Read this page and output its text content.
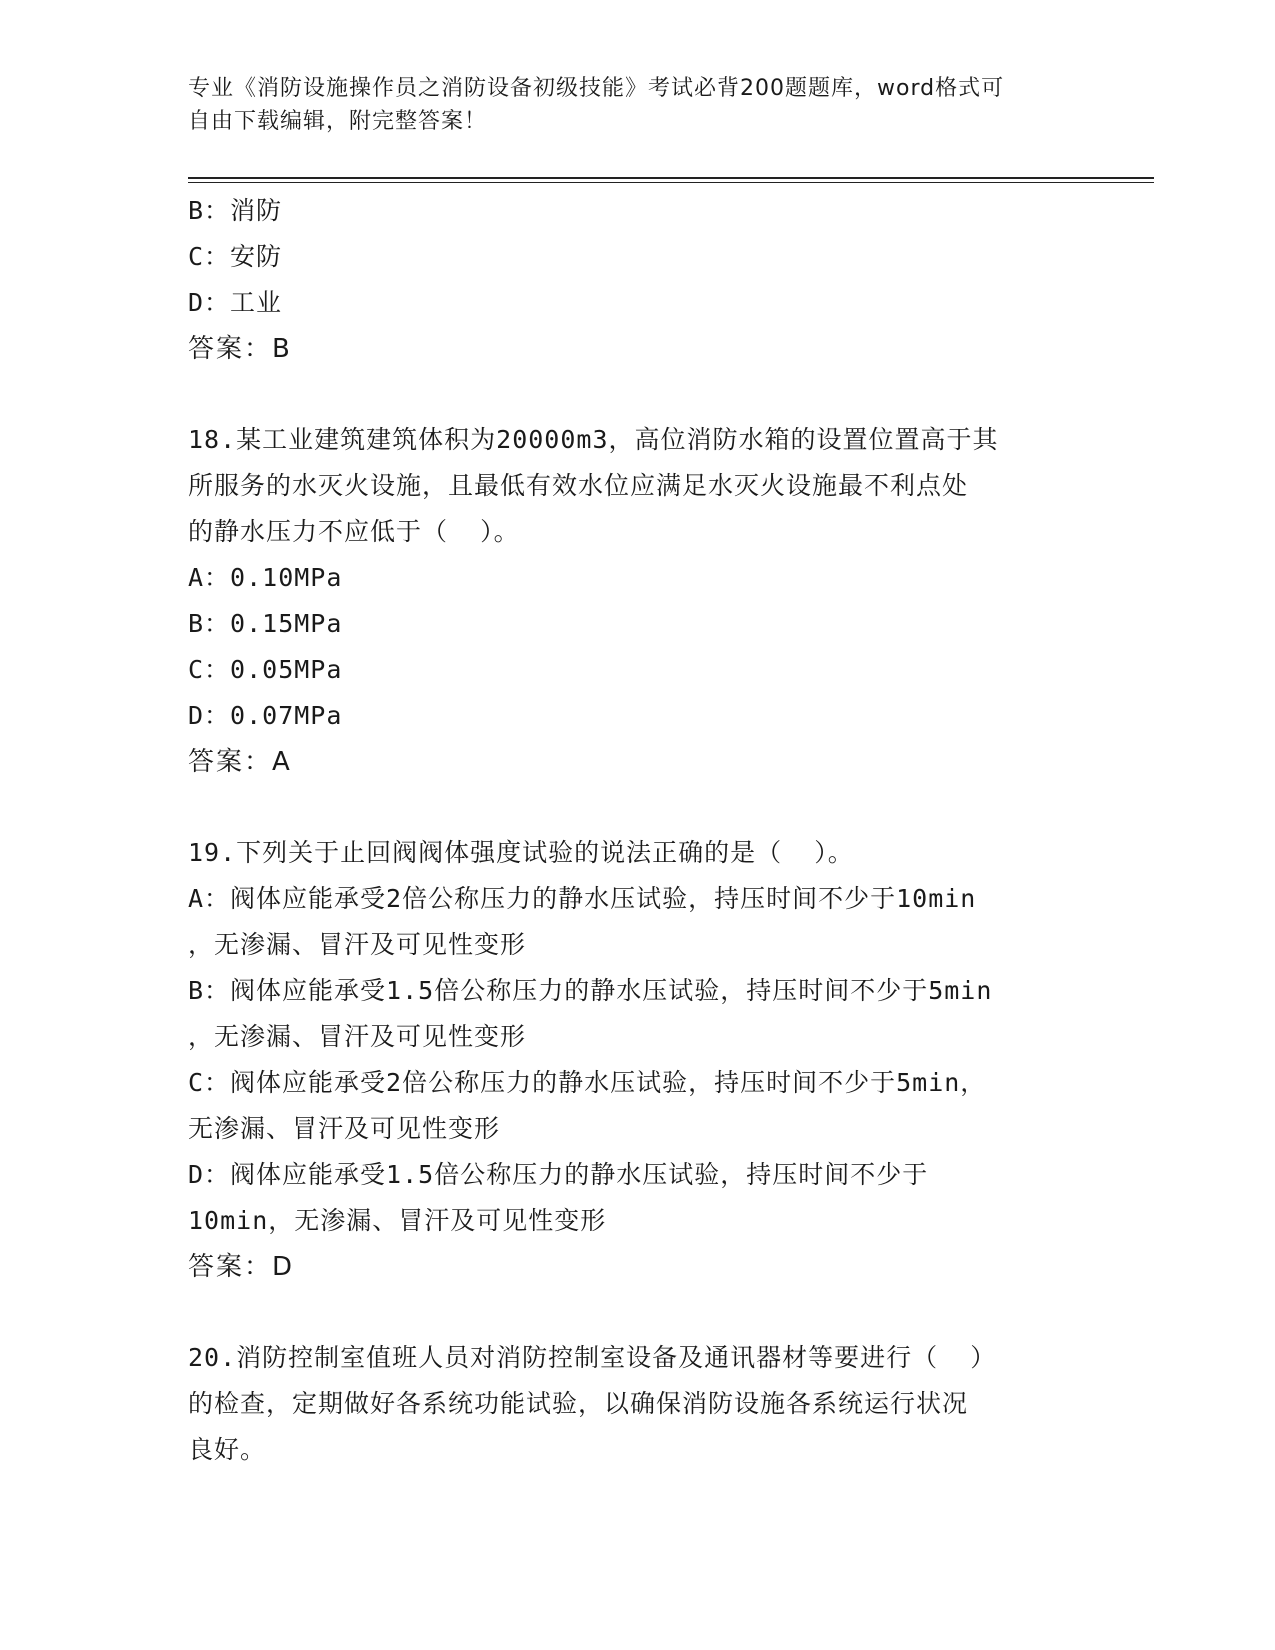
专业《消防设施操作员之消防设备初级技能》考试必背200题题库，word格式可
自由下载编辑，附完整答案！
B：消防
C：安防
D：工业
答案：B
18.某工业建筑建筑体积为20000m3，高位消防水箱的设置位置高于其
所服务的水灭火设施，且最低有效水位应满足水灭火设施最不利点处
的静水压力不应低于（  ）。
A：0.10MPa
B：0.15MPa
C：0.05MPa
D：0.07MPa
答案：A
19.下列关于止回阀阀体强度试验的说法正确的是（  ）。
A：阀体应能承受2倍公称压力的静水压试验，持压时间不少于10min
，无渗漏、冒汗及可见性变形
B：阀体应能承受1.5倍公称压力的静水压试验，持压时间不少于5min
，无渗漏、冒汗及可见性变形
C：阀体应能承受2倍公称压力的静水压试验，持压时间不少于5min，
无渗漏、冒汗及可见性变形
D：阀体应能承受1.5倍公称压力的静水压试验，持压时间不少于
10min，无渗漏、冒汗及可见性变形
答案：D
20.消防控制室值班人员对消防控制室设备及通讯器材等要进行（  ）
的检查，定期做好各系统功能试验，以确保消防设施各系统运行状况
良好。
